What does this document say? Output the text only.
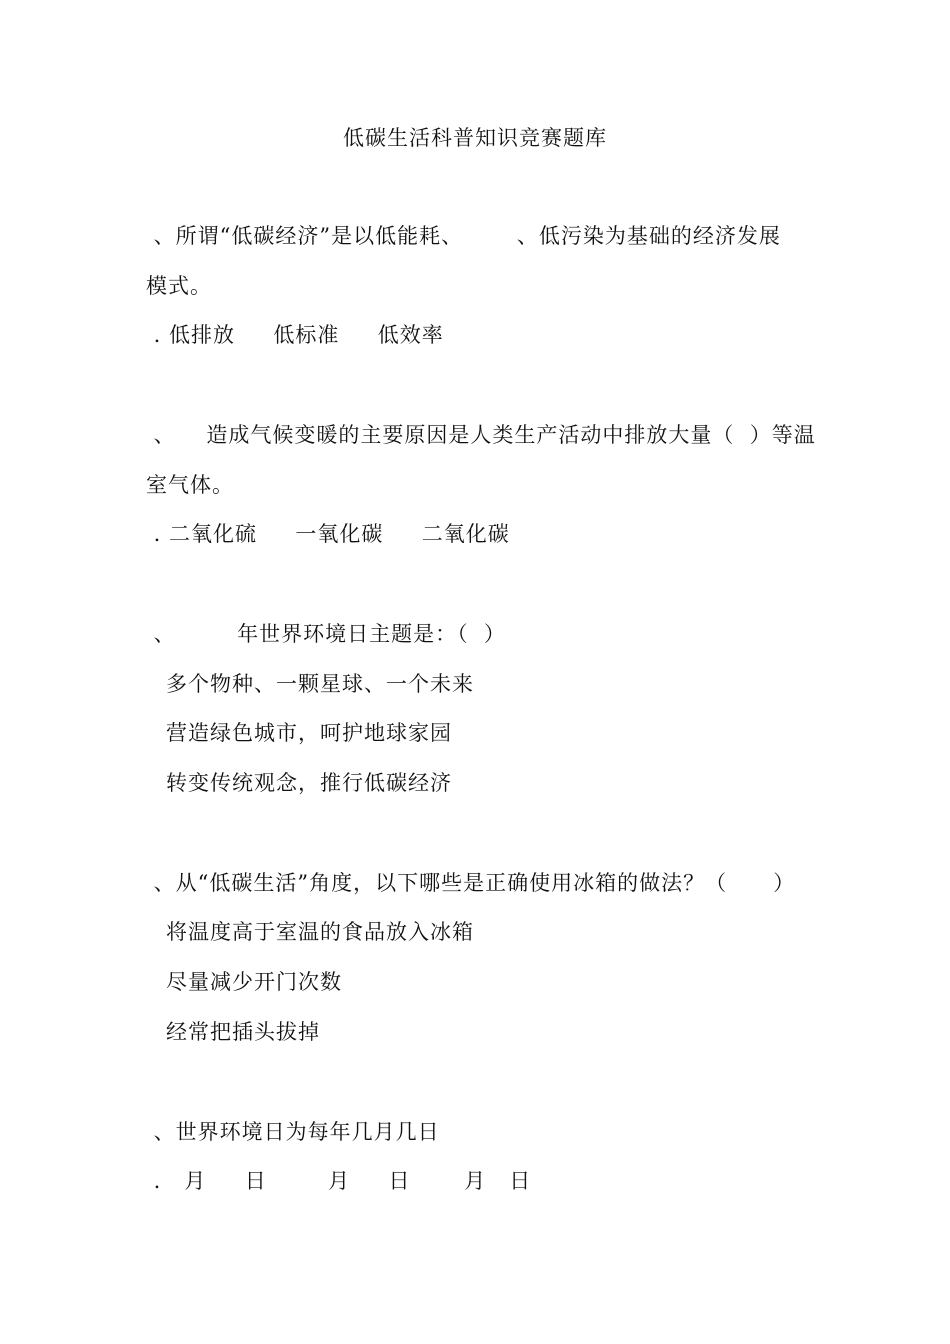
低碳生活科普知识竞赛题库
、所谓“低碳经济”是以低能耗、       、低污染为基础的经济发展
模式。
. 低排放     低标准     低效率
、    造成气候变暖的主要原因是人类生产活动中排放大量（  ）等温
室气体。
. 二氧化硫     一氧化碳     二氧化碳
、        年世界环境日主题是：（  ）
多个物种、一颗星球、一个未来
营造绿色城市，呵护地球家园
转变传统观念，推行低碳经济
、从“低碳生活”角度，以下哪些是正确使用冰箱的做法？（      ）
将温度高于室温的食品放入冰箱
尽量减少开门次数
经常把插头拔掉
、世界环境日为每年几月几日
.   月     日        月     日       月   日
